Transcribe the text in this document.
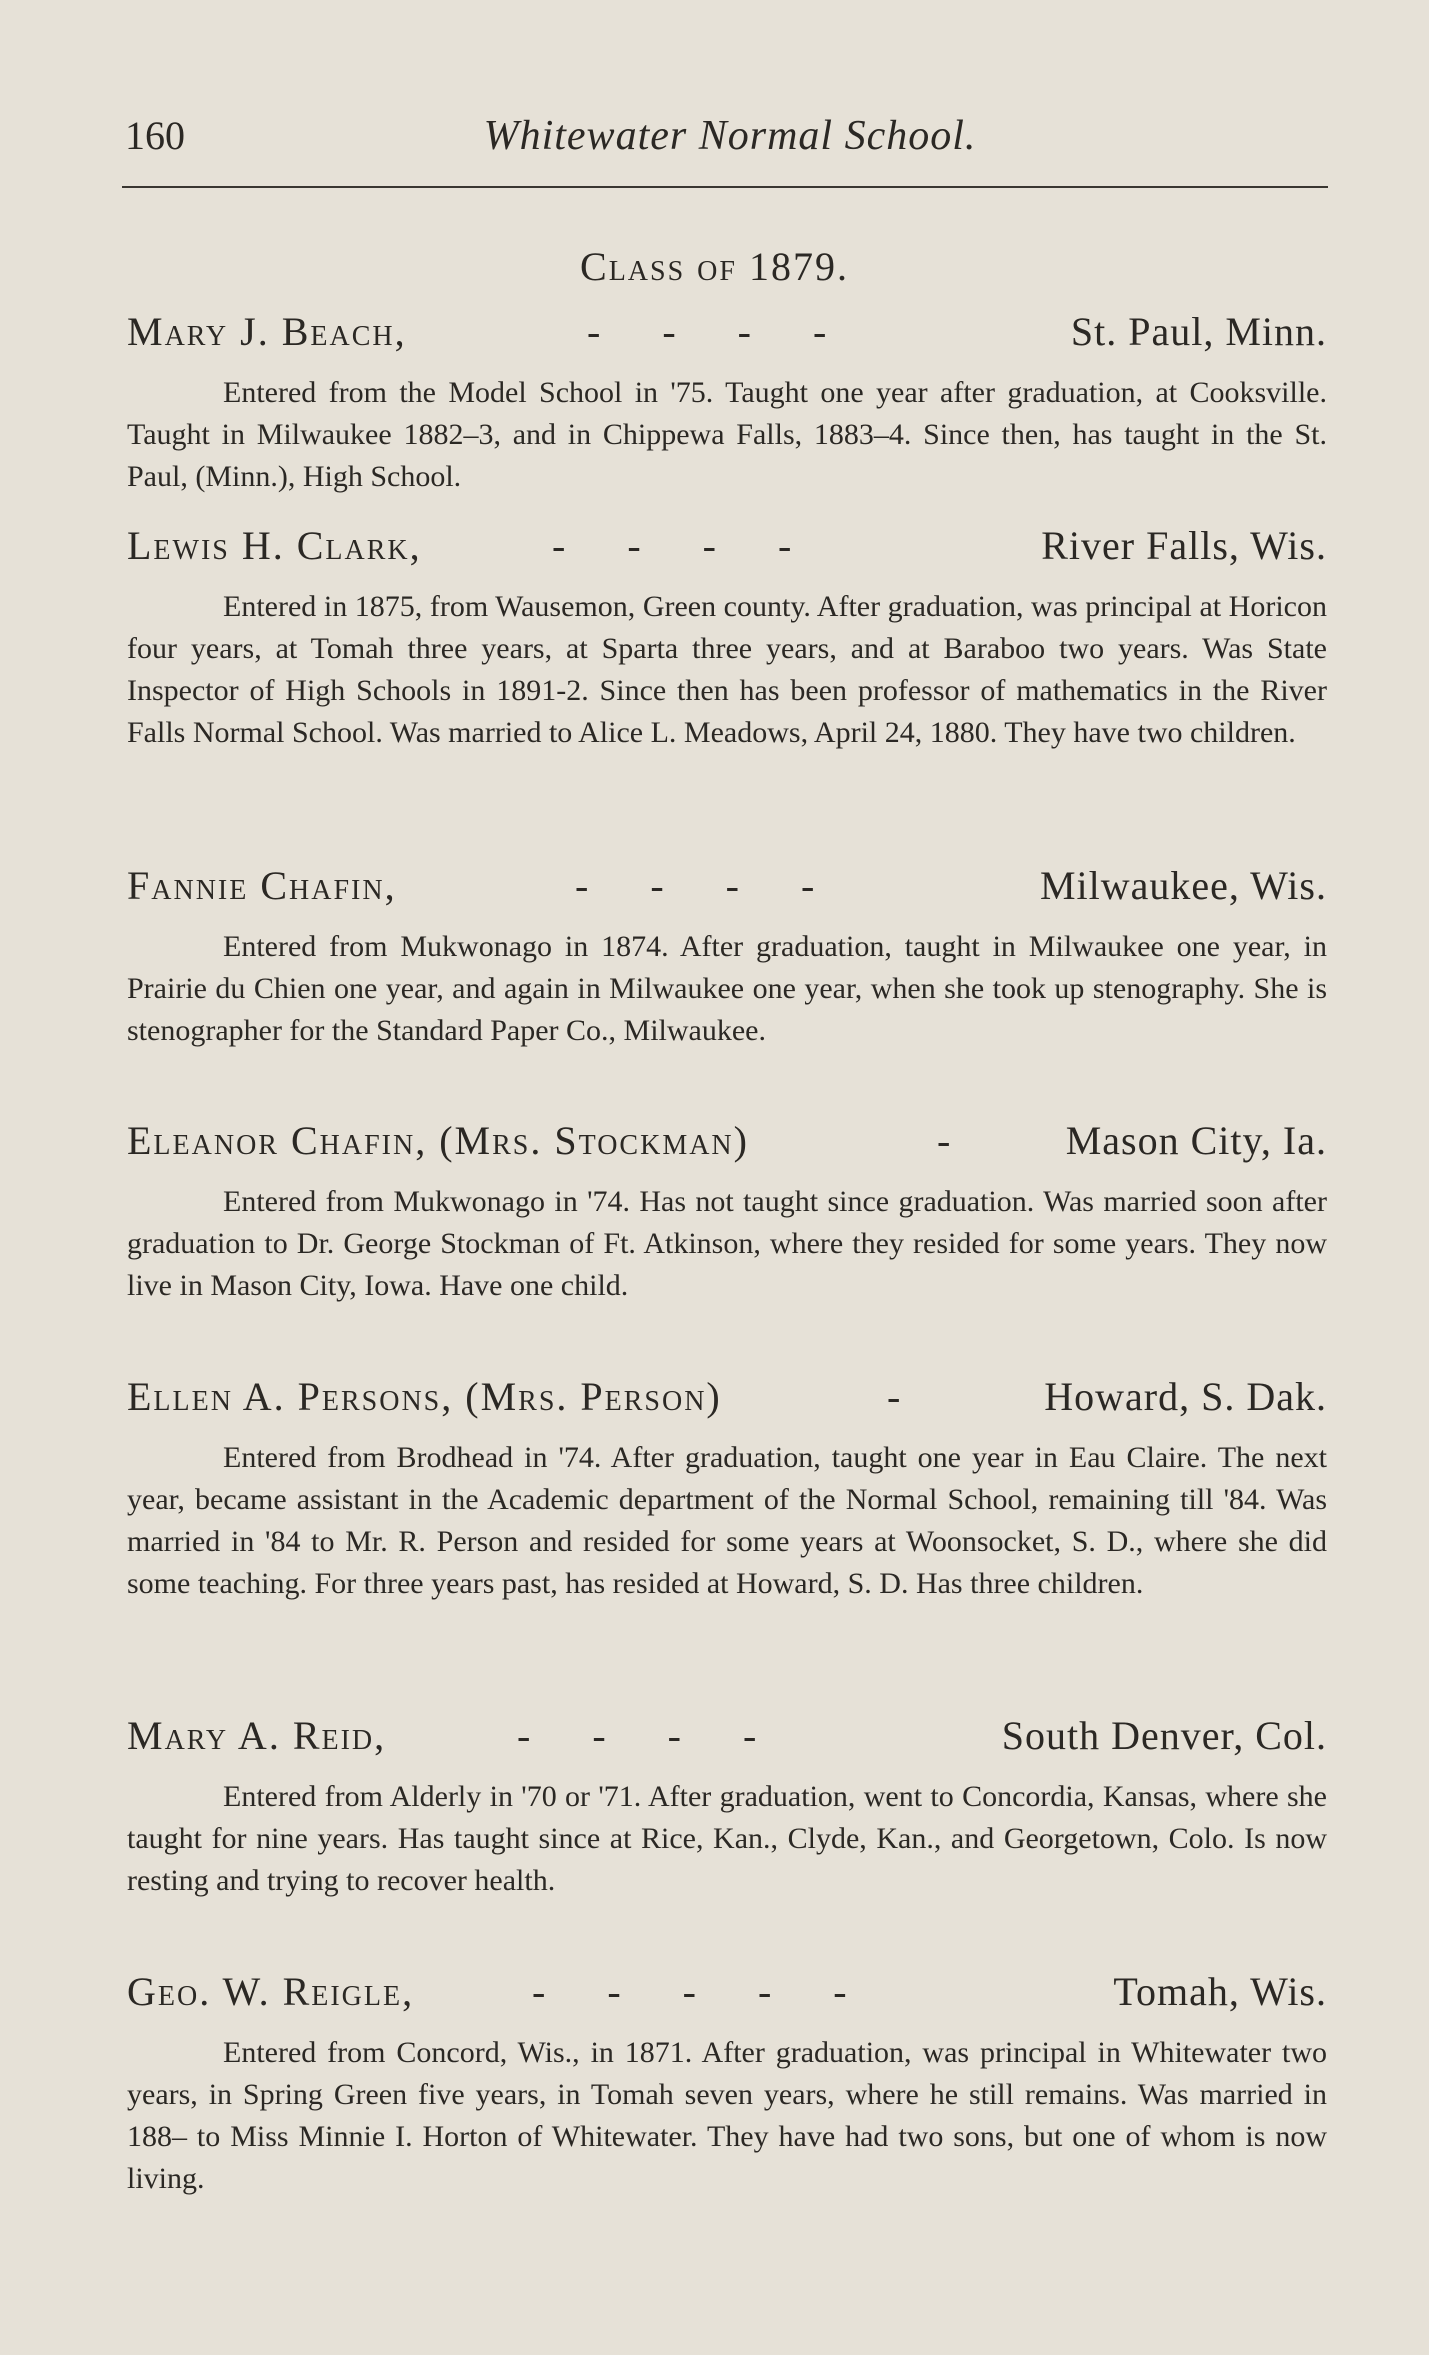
160	Whitewater Normal School.
Class of 1879.
Mary J. Beach,	-     -     -     -	St. Paul, Minn.

Entered from the Model School in '75. Taught one year after graduation, at Cooksville. Taught in Milwaukee 1882–3, and in Chippewa Falls, 1883–4. Since then, has taught in the St. Paul, (Minn.), High School.

Lewis H. Clark,	-     -     -     -	River Falls, Wis.

Entered in 1875, from Wausemon, Green county. After graduation, was principal at Horicon four years, at Tomah three years, at Sparta three years, and at Baraboo two years. Was State Inspector of High Schools in 1891-2. Since then has been professor of mathematics in the River Falls Normal School. Was married to Alice L. Meadows, April 24, 1880. They have two children.

Fannie Chafin,	-     -     -     -	Milwaukee, Wis.

Entered from Mukwonago in 1874. After graduation, taught in Milwaukee one year, in Prairie du Chien one year, and again in Milwaukee one year, when she took up stenography. She is stenographer for the Standard Paper Co., Milwaukee.

Eleanor Chafin, (Mrs. Stockman)	-	Mason City, Ia.

Entered from Mukwonago in '74. Has not taught since graduation. Was married soon after graduation to Dr. George Stockman of Ft. Atkinson, where they resided for some years. They now live in Mason City, Iowa. Have one child.

Ellen A. Persons, (Mrs. Person)	-	Howard, S. Dak.

Entered from Brodhead in '74. After graduation, taught one year in Eau Claire. The next year, became assistant in the Academic department of the Normal School, remaining till '84. Was married in '84 to Mr. R. Person and resided for some years at Woonsocket, S. D., where she did some teaching. For three years past, has resided at Howard, S. D. Has three children.

Mary A. Reid,	-     -     -     -	South Denver, Col.

Entered from Alderly in '70 or '71. After graduation, went to Concordia, Kansas, where she taught for nine years. Has taught since at Rice, Kan., Clyde, Kan., and Georgetown, Colo. Is now resting and trying to recover health.

Geo. W. Reigle,	-     -     -     -     -	Tomah, Wis.

Entered from Concord, Wis., in 1871. After graduation, was principal in Whitewater two years, in Spring Green five years, in Tomah seven years, where he still remains. Was married in 188– to Miss Minnie I. Horton of Whitewater. They have had two sons, but one of whom is now living.
